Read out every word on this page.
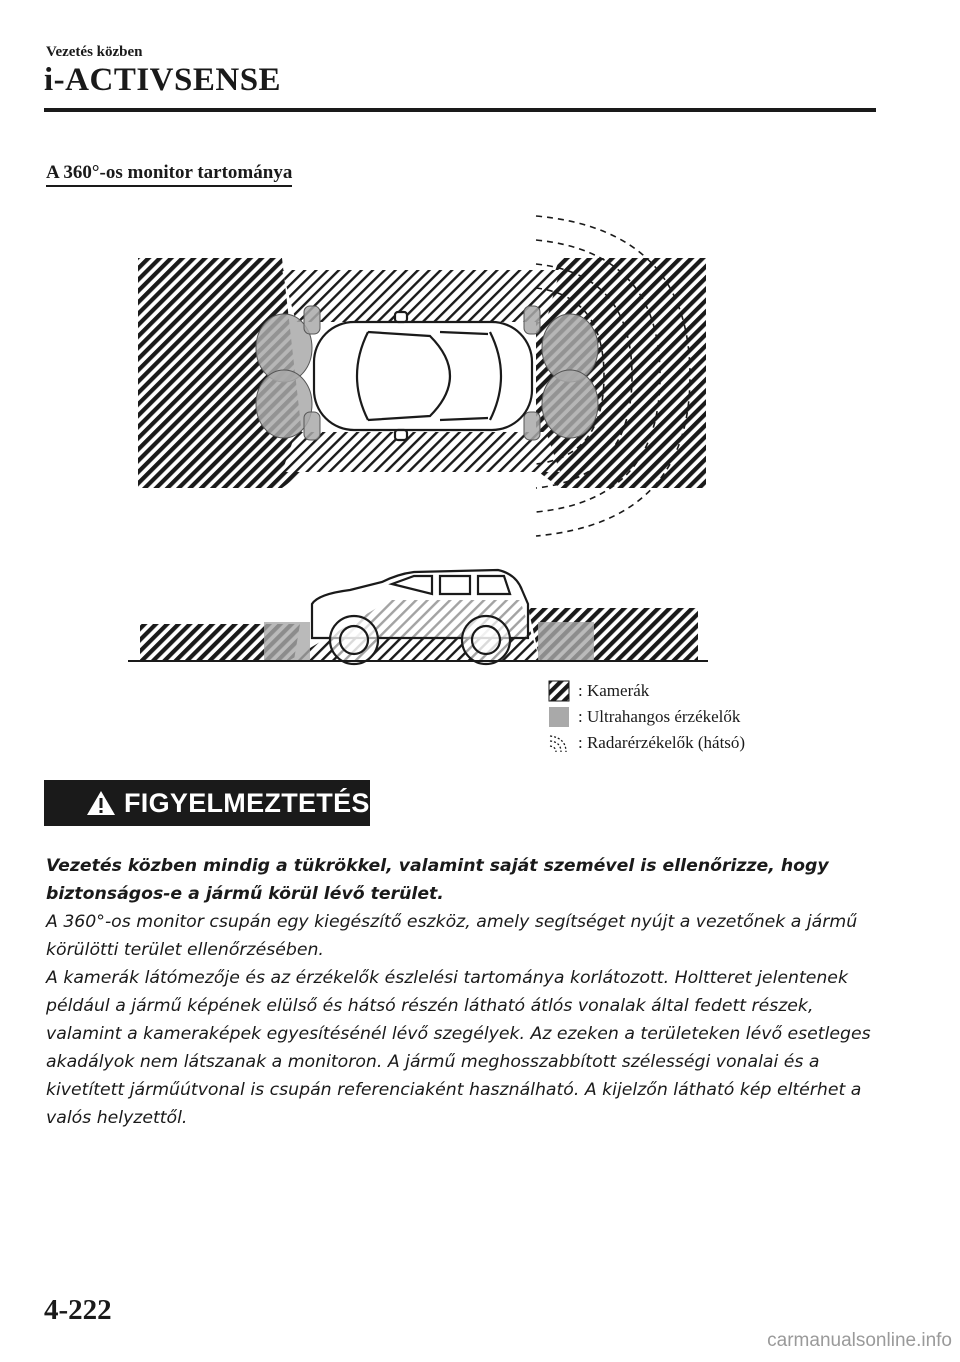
Vezetés közben
i-ACTIVSENSE
A 360°-os monitor tartománya
: Kamerák
: Ultrahangos érzékelők
: Radarérzékelők (hátsó)
FIGYELMEZTETÉS

Vezetés közben mindig a tükrökkel, valamint saját szemével is ellenőrizze, hogy biztonságos-e a jármű körül lévő terület.

A 360°-os monitor csupán egy kiegészítő eszköz, amely segítséget nyújt a vezetőnek a jármű körülötti terület ellenőrzésében.

A kamerák látómezője és az érzékelők észlelési tartománya korlátozott. Holtteret jelentenek például a jármű képének elülső és hátsó részén látható átlós vonalak által fedett részek, valamint a kameraképek egyesítésénél lévő szegélyek. Az ezeken a területeken lévő esetleges akadályok nem látszanak a monitoron. A jármű meghosszabbított szélességi vonalai és a kivetített járműútvonal is csupán referenciaként használható. A kijelzőn látható kép eltérhet a valós helyzettől.

4-222
carmanualsonline.info
